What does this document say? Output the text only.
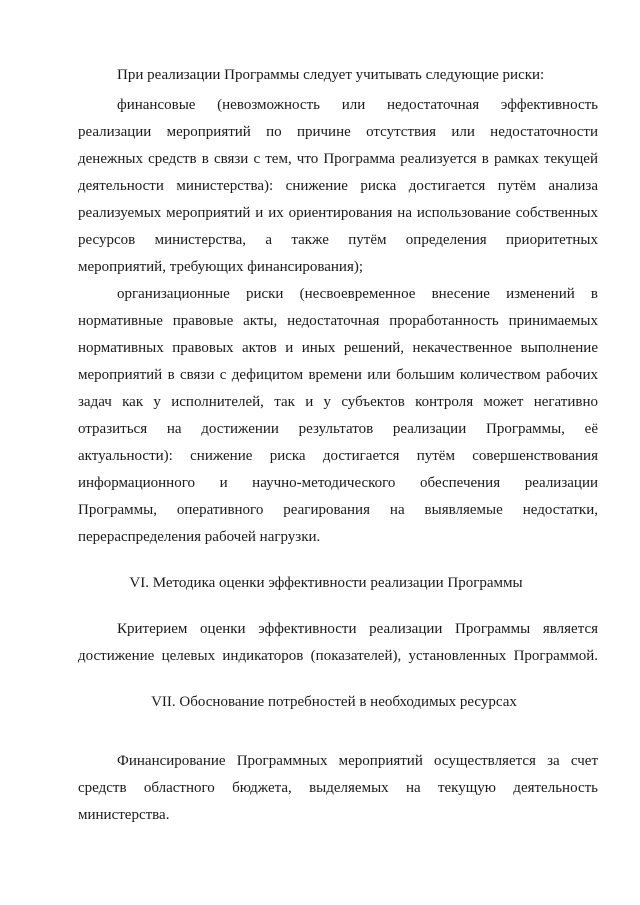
При реализации Программы следует учитывать следующие риски:
финансовые (невозможность или недостаточная эффективность
реализации мероприятий по причине отсутствия или недостаточности
денежных средств в связи с тем, что Программа реализуется в рамках текущей
деятельности министерства): снижение риска достигается путём анализа
реализуемых мероприятий и их ориентирования на использование собственных
ресурсов министерства, а также путём определения приоритетных
мероприятий, требующих финансирования);
организационные риски (несвоевременное внесение изменений в
нормативные правовые акты, недостаточная проработанность принимаемых
нормативных правовых актов и иных решений, некачественное выполнение
мероприятий в связи с дефицитом времени или большим количеством рабочих
задач как у исполнителей, так и у субъектов контроля может негативно
отразиться на достижении результатов реализации Программы, её
актуальности): снижение риска достигается путём совершенствования
информационного и научно-методического обеспечения реализации
Программы, оперативного реагирования на выявляемые недостатки,
перераспределения рабочей нагрузки.
VI. Методика оценки эффективности реализации Программы
Критерием оценки эффективности реализации Программы является
достижение целевых индикаторов (показателей), установленных Программой.
VII. Обоснование потребностей в необходимых ресурсах
Финансирование Программных мероприятий осуществляется за счет
средств областного бюджета, выделяемых на текущую деятельность
министерства.
